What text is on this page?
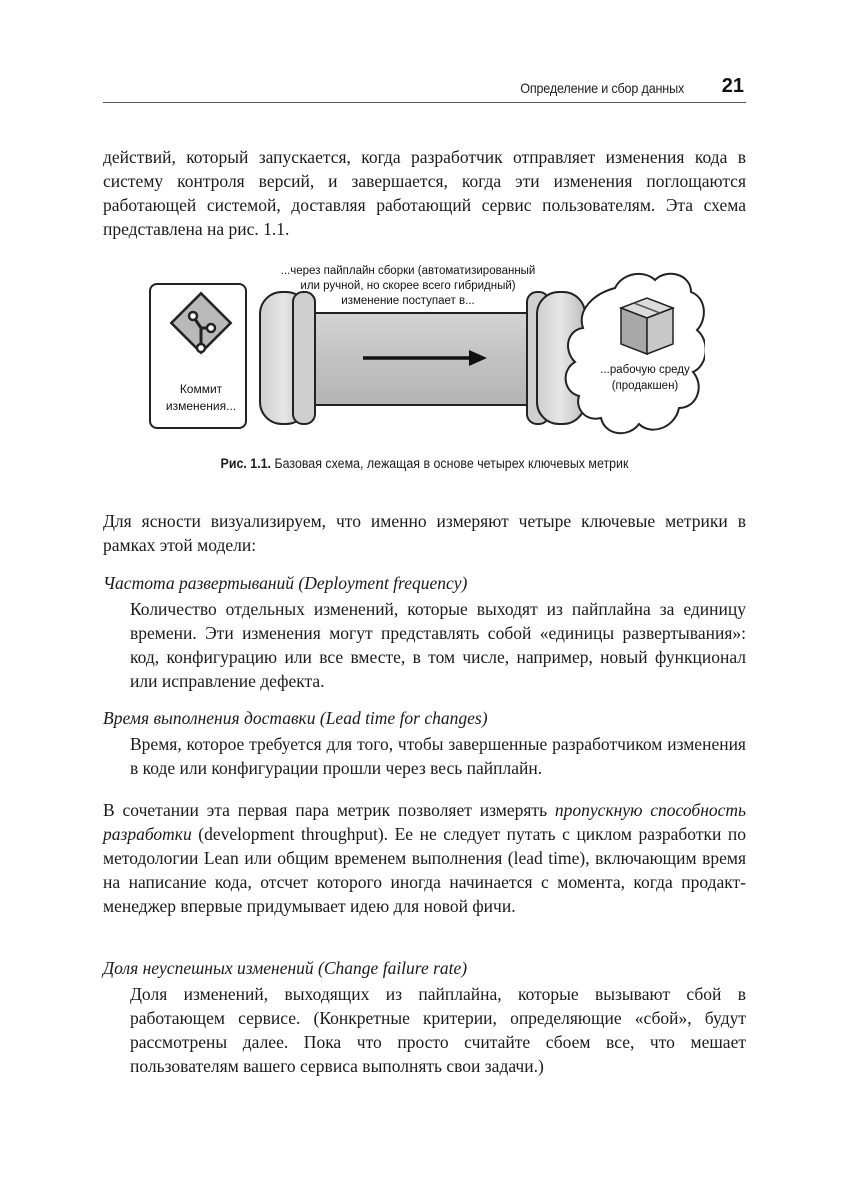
Определение и сбор данных 21

действий, который запускается, когда разработчик отправляет изменения кода в систему контроля версий, и завершается, когда эти изменения поглощаются работающей системой, доставляя работающий сервис пользователям. Эта схема представлена на рис. 1.1.

Коммит
изменения...
...через пайплайн сборки (автоматизированный
или ручной, но скорее всего гибридный)
изменение поступает в...
...рабочую среду
(продакшен)
Рис. 1.1. Базовая схема, лежащая в основе четырех ключевых метрик

Для ясности визуализируем, что именно измеряют четыре ключевые метрики в рамках этой модели:

Частота развертываний (Deployment frequency)

Количество отдельных изменений, которые выходят из пайплайна за единицу времени. Эти изменения могут представлять собой «единицы развертывания»: код, конфигурацию или все вместе, в том числе, например, новый функционал или исправление дефекта.

Время выполнения доставки (Lead time for changes)

Время, которое требуется для того, чтобы завершенные разработчиком изменения в коде или конфигурации прошли через весь пайплайн.

В сочетании эта первая пара метрик позволяет измерять пропускную способность разработки (development throughput). Ее не следует путать с циклом разработки по методологии Lean или общим временем выполнения (lead time), включающим время на написание кода, отсчет которого иногда начинается с момента, когда продакт-менеджер впервые придумывает идею для новой фичи.

Доля неуспешных изменений (Change failure rate)

Доля изменений, выходящих из пайплайна, которые вызывают сбой в работающем сервисе. (Конкретные критерии, определяющие «сбой», будут рассмотрены далее. Пока что просто считайте сбоем все, что мешает пользователям вашего сервиса выполнять свои задачи.)
